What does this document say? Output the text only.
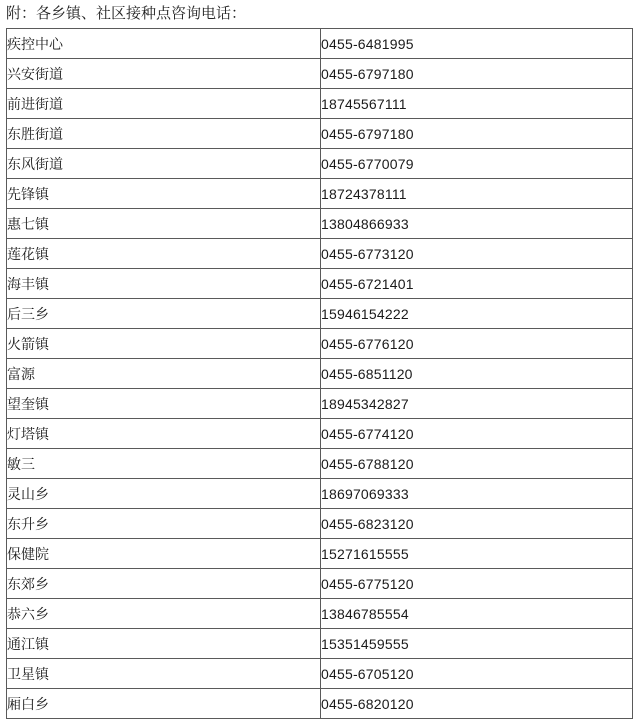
附：各乡镇、社区接种点咨询电话：
疾控中心	0455-6481995
兴安街道	0455-6797180
前进街道	18745567111
东胜街道	0455-6797180
东风街道	0455-6770079
先锋镇	18724378111
惠七镇	13804866933
莲花镇	0455-6773120
海丰镇	0455-6721401
后三乡	15946154222
火箭镇	0455-6776120
富源	0455-6851120
望奎镇	18945342827
灯塔镇	0455-6774120
敏三	0455-6788120
灵山乡	18697069333
东升乡	0455-6823120
保健院	15271615555
东郊乡	0455-6775120
恭六乡	13846785554
通江镇	15351459555
卫星镇	0455-6705120
厢白乡	0455-6820120
